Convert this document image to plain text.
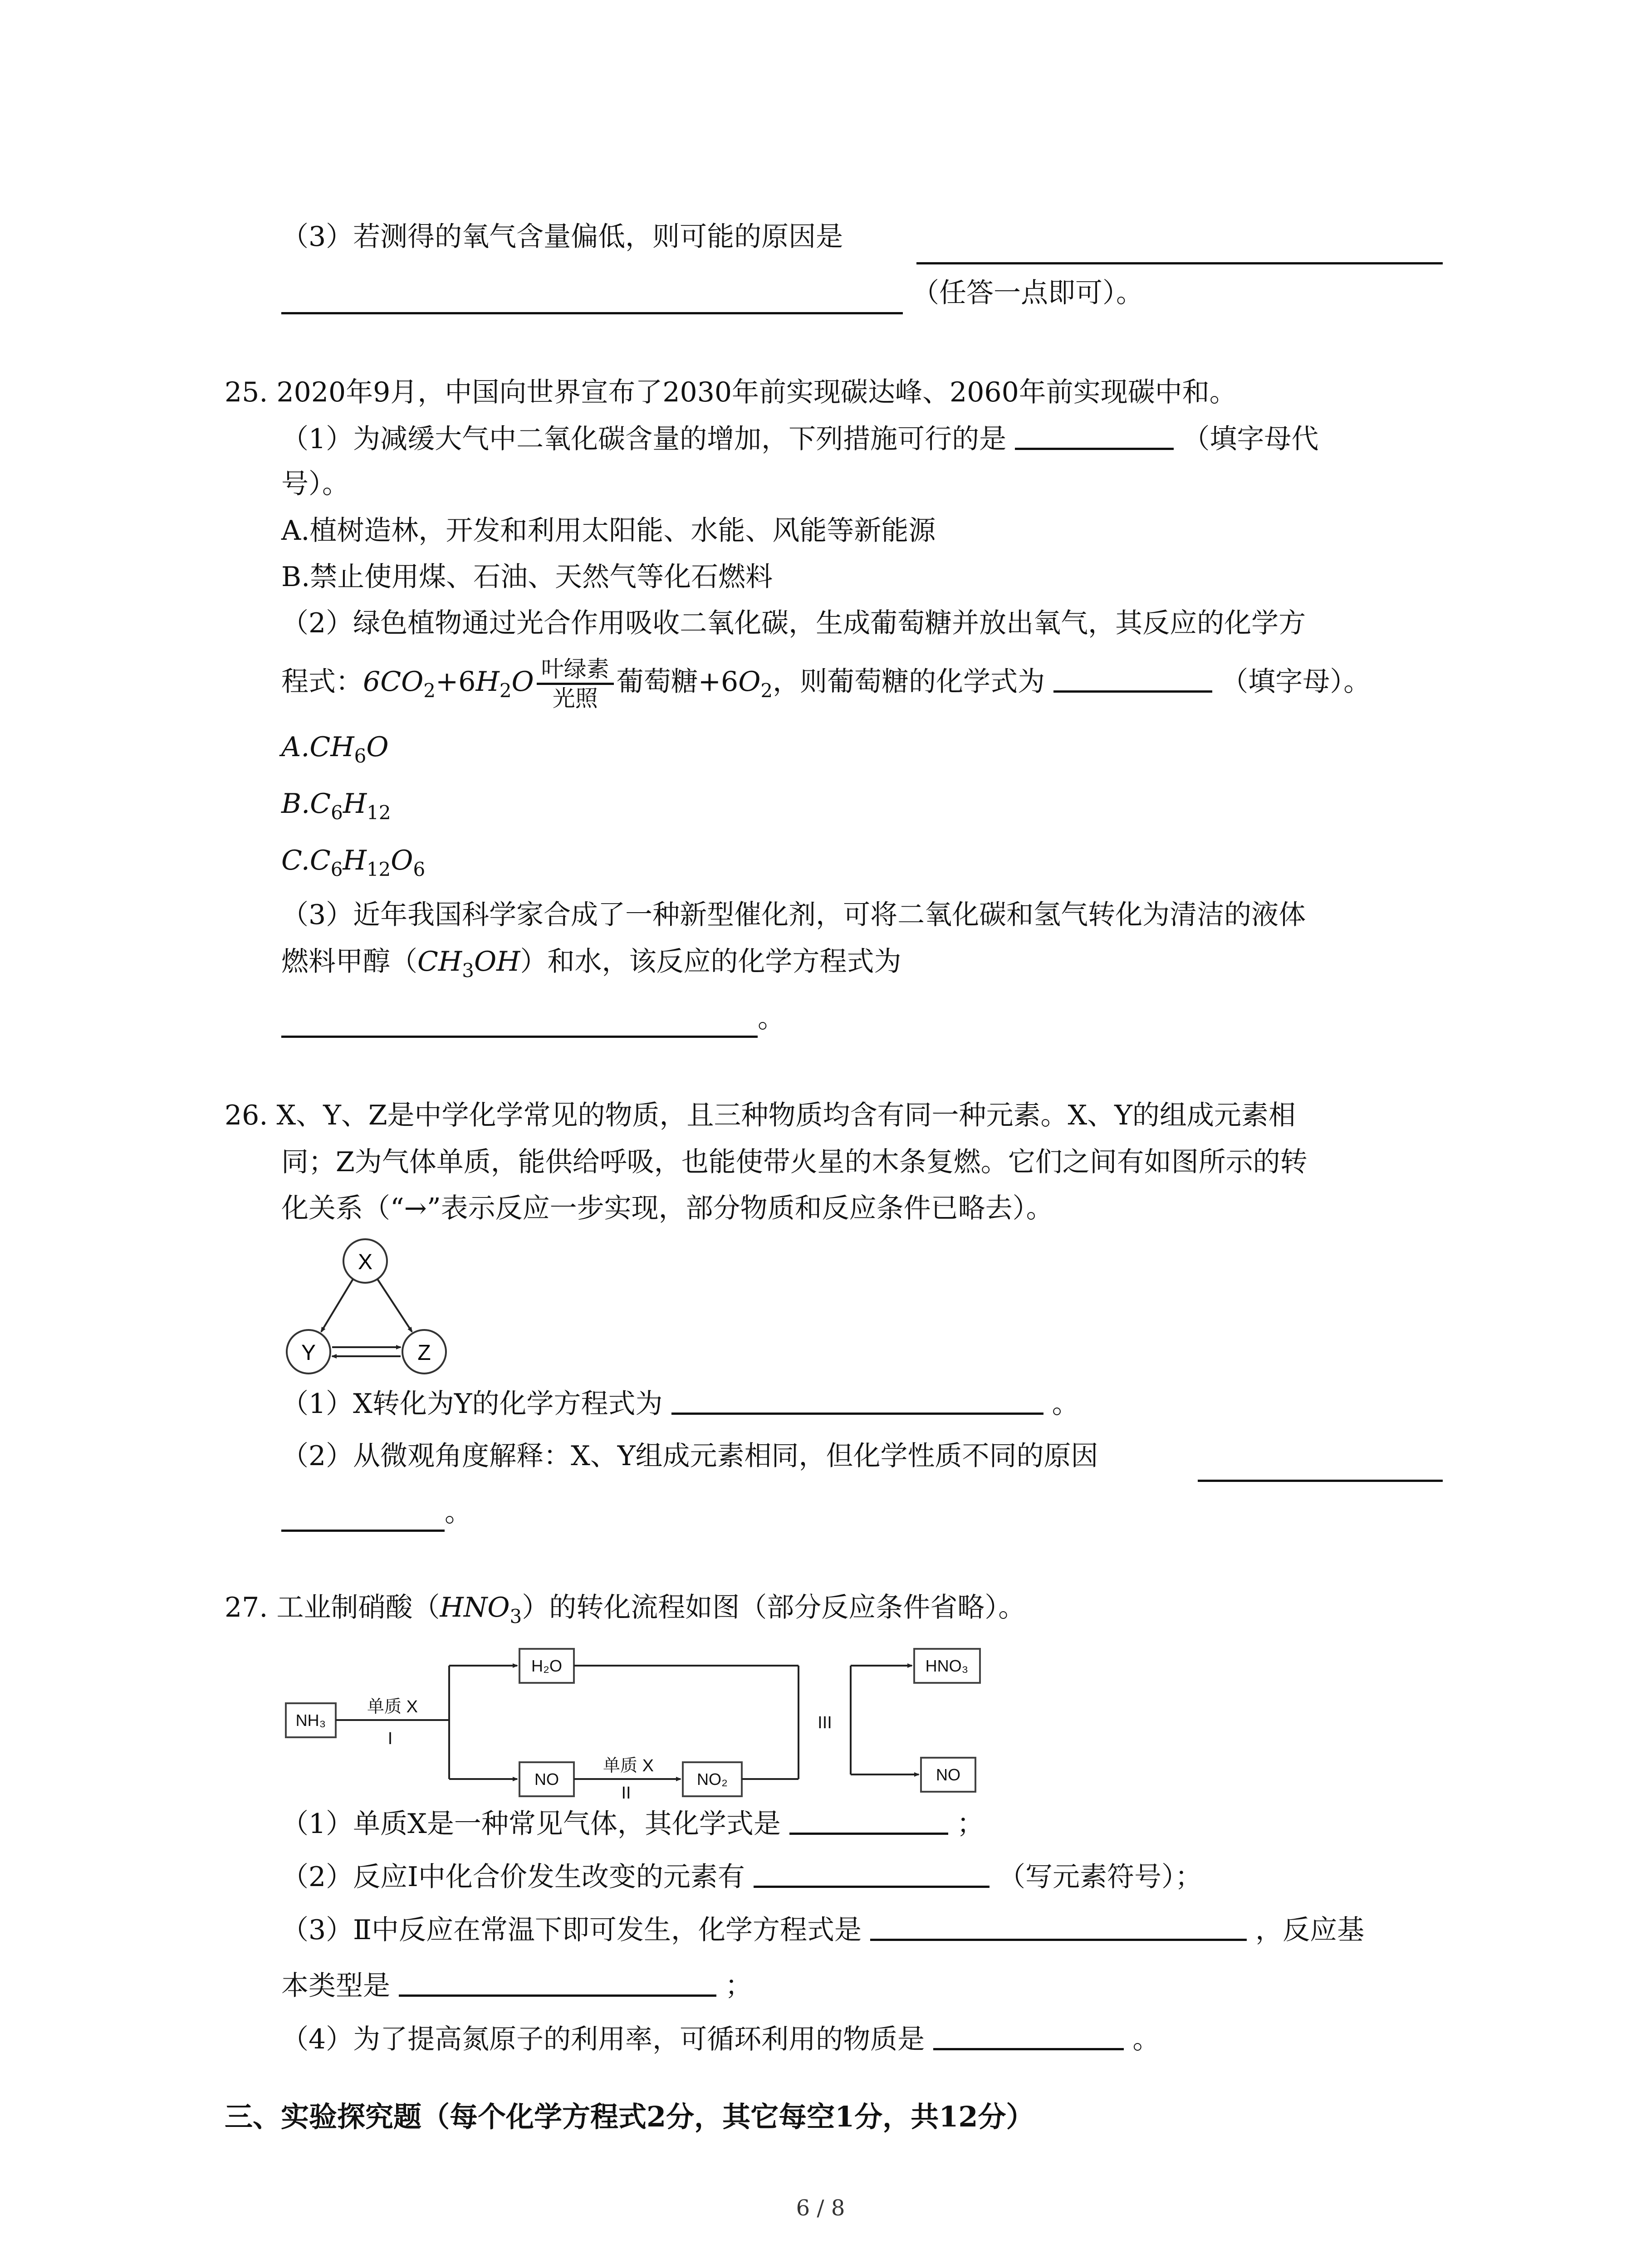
（3）若测得的氧气含量偏低，则可能的原因是
（任答一点即可）。
25. 2020年9月，中国向世界宣布了2030年前实现碳达峰、2060年前实现碳中和。
（1）为减缓大气中二氧化碳含量的增加，下列措施可行的是	（填字母代
号）。
A.植树造林，开发和利用太阳能、水能、风能等新能源
B.禁止使用煤、石油、天然气等化石燃料
（2）绿色植物通过光合作用吸收二氧化碳，生成葡萄糖并放出氧气，其反应的化学方
程式：$6CO_2+6H_2O \frac{\text{叶绿素}}{\text{光照}}$ 葡萄糖$+6O_2$，则葡萄糖的化学式为	（填字母）。
$A.CH_6O$
$B.C_6H_{12}$
$C.C_6H_{12}O_6$
（3）近年我国科学家合成了一种新型催化剂，可将二氧化碳和氢气转化为清洁的液体
燃料甲醇$(CH_3OH)$和水，该反应的化学方程式为
。
26. X、Y、Z是中学化学常见的物质，且三种物质均含有同一种元素。X、Y的组成元素相
同；Z为气体单质，能供给呼吸，也能使带火星的木条复燃。它们之间有如图所示的转
化关系（“→”表示反应一步实现，部分物质和反应条件已略去）。
X
Y	Z
（1）X转化为Y的化学方程式为	。
（2）从微观角度解释：X、Y组成元素相同，但化学性质不同的原因
。
27. 工业制硝酸$(HNO_3)$的转化流程如图（部分反应条件省略）。
NH₃
H₂O
NO	NO₂
HNO₃
NO
单质 X
I
单质 X
II
III
（1）单质X是一种常见气体，其化学式是	；
（2）反应Ⅰ中化合价发生改变的元素有	（写元素符号）；
（3）Ⅱ中反应在常温下即可发生，化学方程式是	，反应基
本类型是	；
（4）为了提高氮原子的利用率，可循环利用的物质是	。
三、实验探究题（每个化学方程式2分，其它每空1分，共12分）
6 / 8
